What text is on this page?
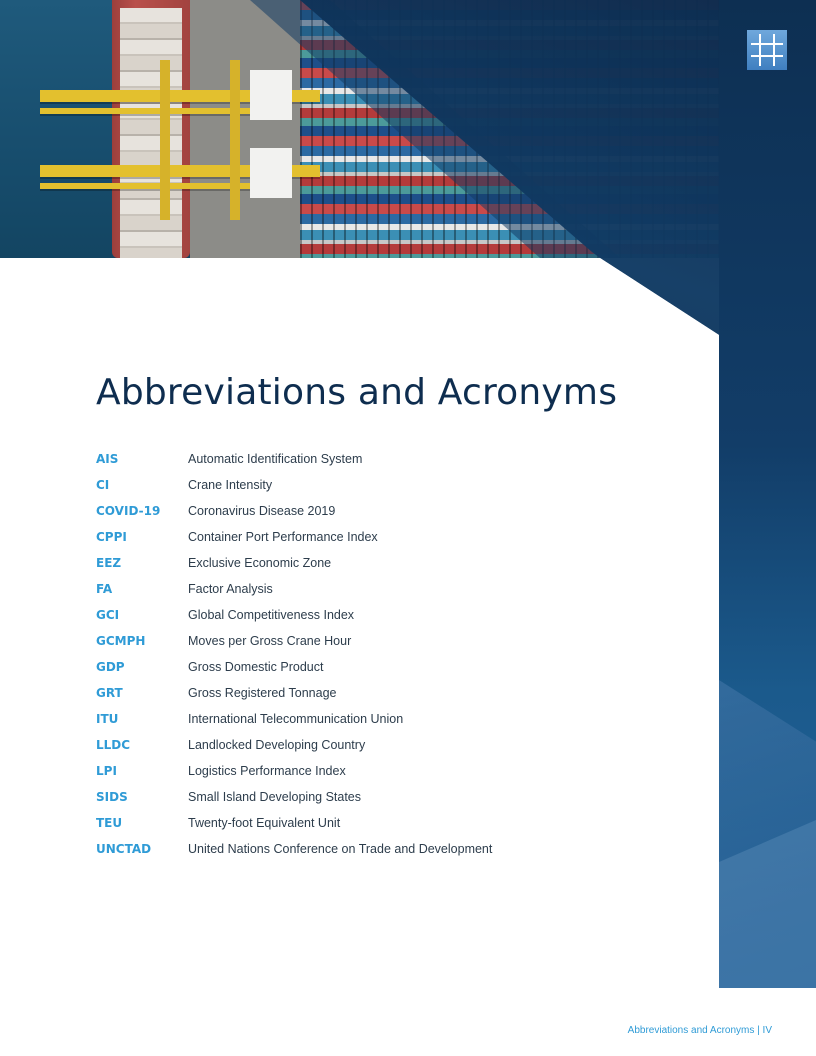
Abbreviations and Acronyms
AIS	Automatic Identification System
CI	Crane Intensity
COVID-19	Coronavirus Disease 2019
CPPI	Container Port Performance Index
EEZ	Exclusive Economic Zone
FA	Factor Analysis
GCI	Global Competitiveness Index
GCMPH	Moves per Gross Crane Hour
GDP	Gross Domestic Product
GRT	Gross Registered Tonnage
ITU	International Telecommunication Union
LLDC	Landlocked Developing Country
LPI	Logistics Performance Index
SIDS	Small Island Developing States
TEU	Twenty-foot Equivalent Unit
UNCTAD	United Nations Conference on Trade and Development
Abbreviations and Acronyms | IV
